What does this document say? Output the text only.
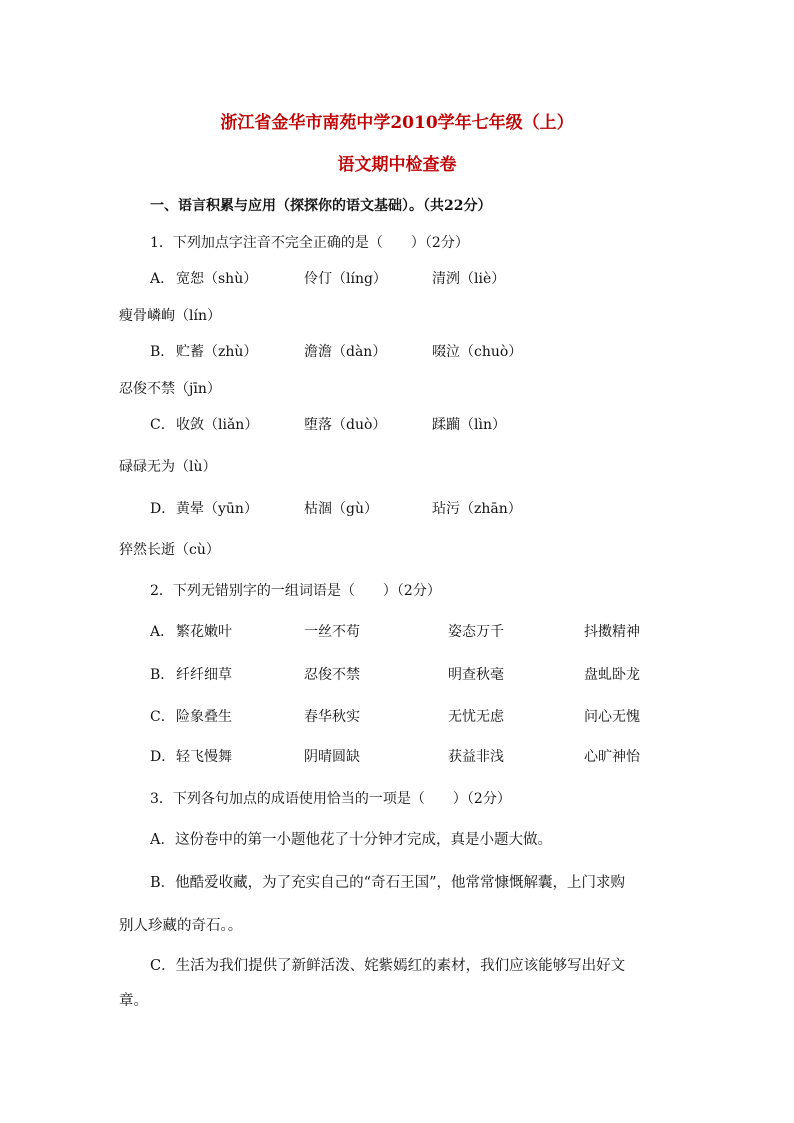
浙江省金华市南苑中学2010学年七年级（上）
语文期中检查卷
一、语言积累与应用（探探你的语文基础）。（共22分）
1．下列加点字注音不完全正确的是（　　）（2分）
A． 宽恕（shù）	伶仃（líng）	清洌（liè）
瘦骨嶙峋（lín）
B． 贮蓄（zhù）	澹澹（dàn）	啜泣（chuò）
忍俊不禁（jīn）
C． 收敛（liǎn）	堕落（duò）	蹂躏（lìn）
碌碌无为（lù）
D． 黄晕（yūn）	枯涸（gù）	玷污（zhān）
猝然长逝（cù）
2．下列无错别字的一组词语是（　　）（2分）
A． 繁花嫩叶	一丝不苟	姿态万千	抖擞精神
B． 纤纤细草	忍俊不禁	明查秋毫	盘虬卧龙
C． 险象叠生	春华秋实	无忧无虑	问心无愧
D． 轻飞慢舞	阴晴圆缺	获益非浅	心旷神怡
3．下列各句加点的成语使用恰当的一项是（　　）（2分）
A．这份卷中的第一小题他花了十分钟才完成，真是小题大做。
B．他酷爱收藏，为了充实自己的“奇石王国”，他常常慷慨解囊，上门求购
别人珍藏的奇石。。
C．生活为我们提供了新鲜活泼、姹紫嫣红的素材，我们应该能够写出好文
章。
